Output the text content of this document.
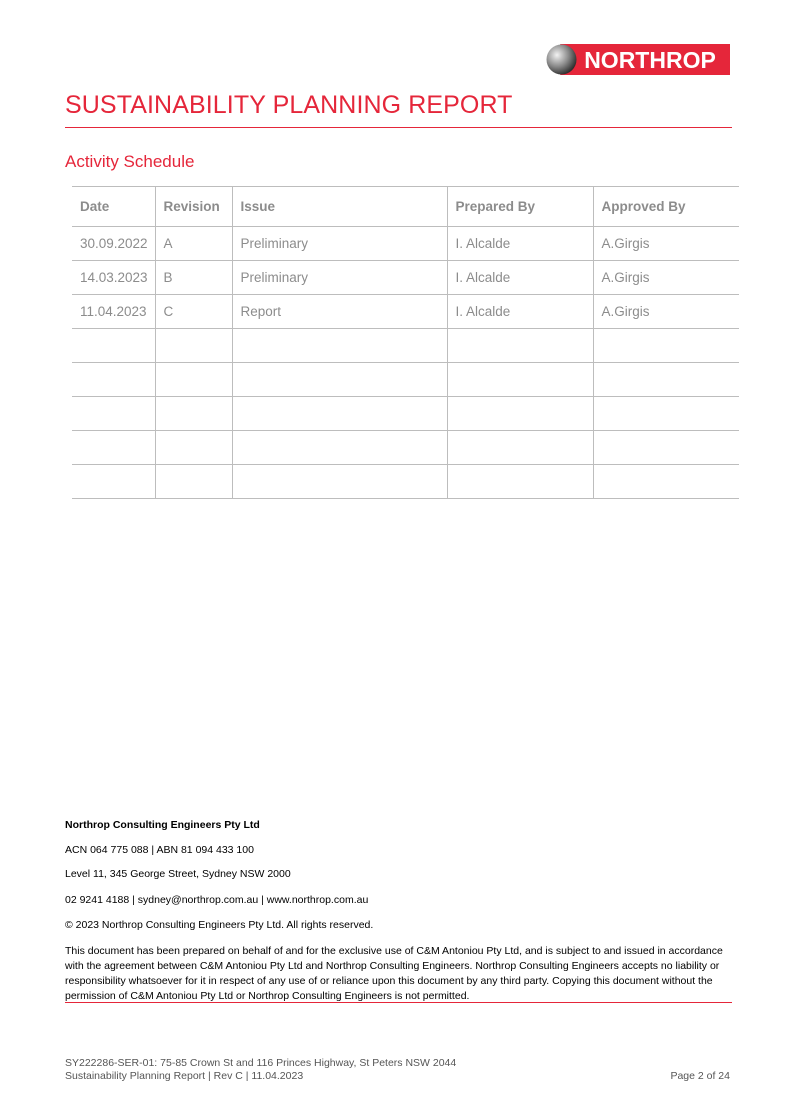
NORTHROP
SUSTAINABILITY PLANNING REPORT
Activity Schedule
Date	Revision	Issue	Prepared By	Approved By
30.09.2022	A	Preliminary	I. Alcalde	A.Girgis
14.03.2023	B	Preliminary	I. Alcalde	A.Girgis
11.04.2023	C	Report	I. Alcalde	A.Girgis

Northrop Consulting Engineers Pty Ltd

ACN 064 775 088 | ABN 81 094 433 100

Level 11, 345 George Street, Sydney NSW 2000

02 9241 4188 | sydney@northrop.com.au | www.northrop.com.au

© 2023 Northrop Consulting Engineers Pty Ltd. All rights reserved.

This document has been prepared on behalf of and for the exclusive use of C&M Antoniou Pty Ltd, and is subject to and issued in accordance with the agreement between C&M Antoniou Pty Ltd and Northrop Consulting Engineers. Northrop Consulting Engineers accepts no liability or responsibility whatsoever for it in respect of any use of or reliance upon this document by any third party. Copying this document without the permission of C&M Antoniou Pty Ltd or Northrop Consulting Engineers is not permitted.

SY222286-SER-01: 75-85 Crown St and 116 Princes Highway, St Peters NSW 2044
Sustainability Planning Report | Rev C | 11.04.2023	Page 2 of 24
